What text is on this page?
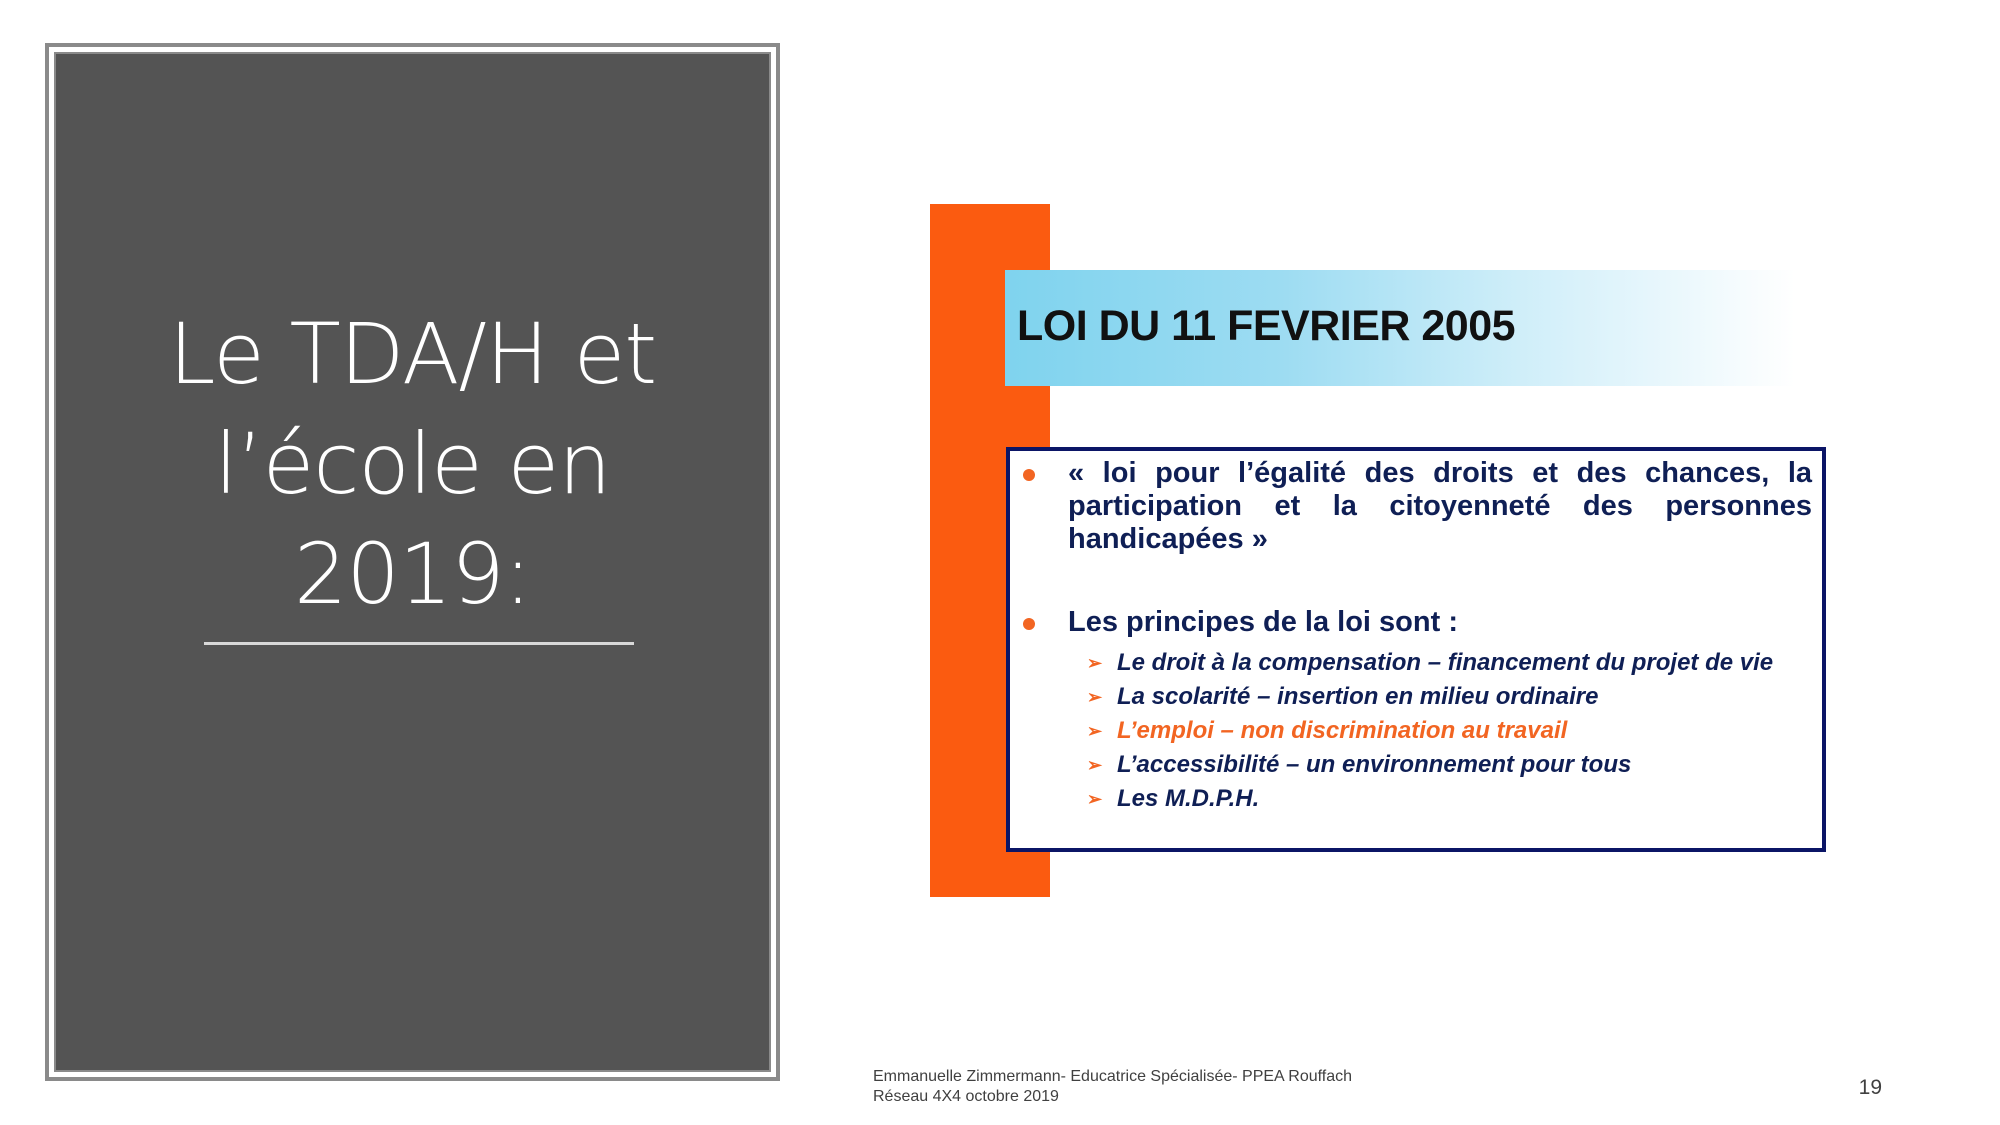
Le TDA/H et
l’école en
2019:
LOI DU 11 FEVRIER 2005
« loi pour l’égalité des droits et des chances, la participation et la citoyenneté des personnes handicapées »
Les principes de la loi sont :
➢ Le droit à la compensation – financement du projet de vie
➢ La scolarité – insertion en milieu ordinaire
➢ L’emploi – non discrimination au travail
➢ L’accessibilité – un environnement pour tous
➢ Les M.D.P.H.
Emmanuelle Zimmermann- Educatrice Spécialisée- PPEA Rouffach
Réseau 4X4 octobre 2019	19
